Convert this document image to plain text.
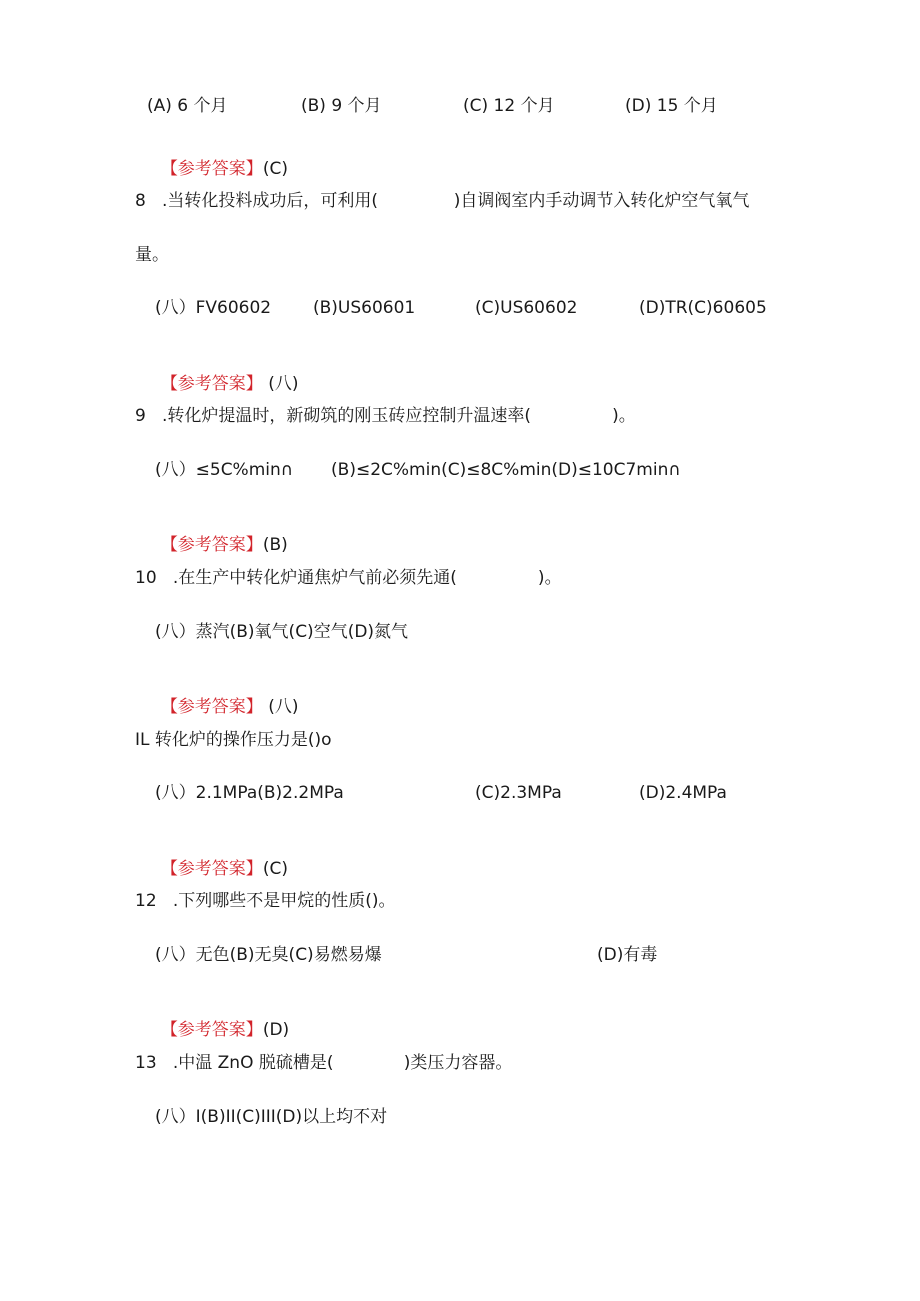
(A) 6 个月	(B) 9 个月	(C) 12 个月	(D) 15 个月

【参考答案】(C)

8   .当转化投料成功后，可利用(              )自调阀室内手动调节入转化炉空气氧气
量。
(八）FV60602 (B)US60601	(C)US60602	(D)TR(C)60605

【参考答案】 (八)

9   .转化炉提温时，新砌筑的刚玉砖应控制升温速率(               )。
(八）≤5C%min∩       (B)≤2C%min(C)≤8C%min(D)≤10C7min∩

【参考答案】(B)

10   .在生产中转化炉通焦炉气前必须先通(               )。
(八）蒸汽(B)氧气(C)空气(D)氮气

【参考答案】 (八)

IL 转化炉的操作压力是()o
(八）2.1MPa(B)2.2MPa	(C)2.3MPa	(D)2.4MPa

【参考答案】(C)

12   .下列哪些不是甲烷的性质()。
(八）无色(B)无臭(C)易燃易爆	(D)有毒

【参考答案】(D)

13   .中温 ZnO 脱硫槽是(             )类压力容器。
(八）I(B)II(C)III(D)以上均不对
